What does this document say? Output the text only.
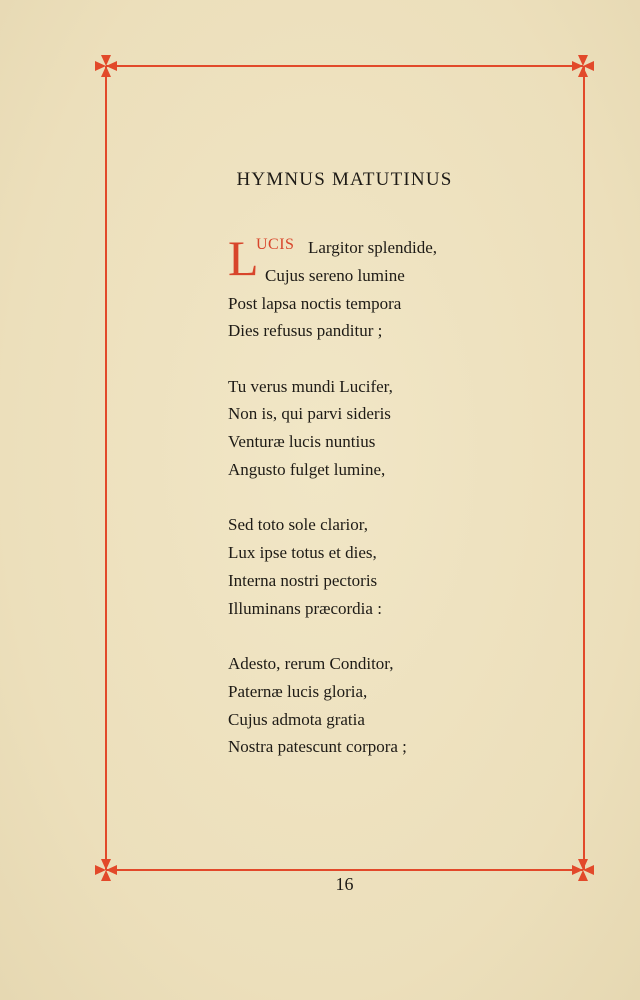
HYMNUS MATUTINUS
L
UCIS Largitor splendide,
Cujus sereno lumine
Post lapsa noctis tempora
Dies refusus panditur ;
Tu verus mundi Lucifer,
Non is, qui parvi sideris
Venturæ lucis nuntius
Angusto fulget lumine,
Sed toto sole clarior,
Lux ipse totus et dies,
Interna nostri pectoris
Illuminans præcordia :
Adesto, rerum Conditor,
Paternæ lucis gloria,
Cujus admota gratia
Nostra patescunt corpora ;
16
